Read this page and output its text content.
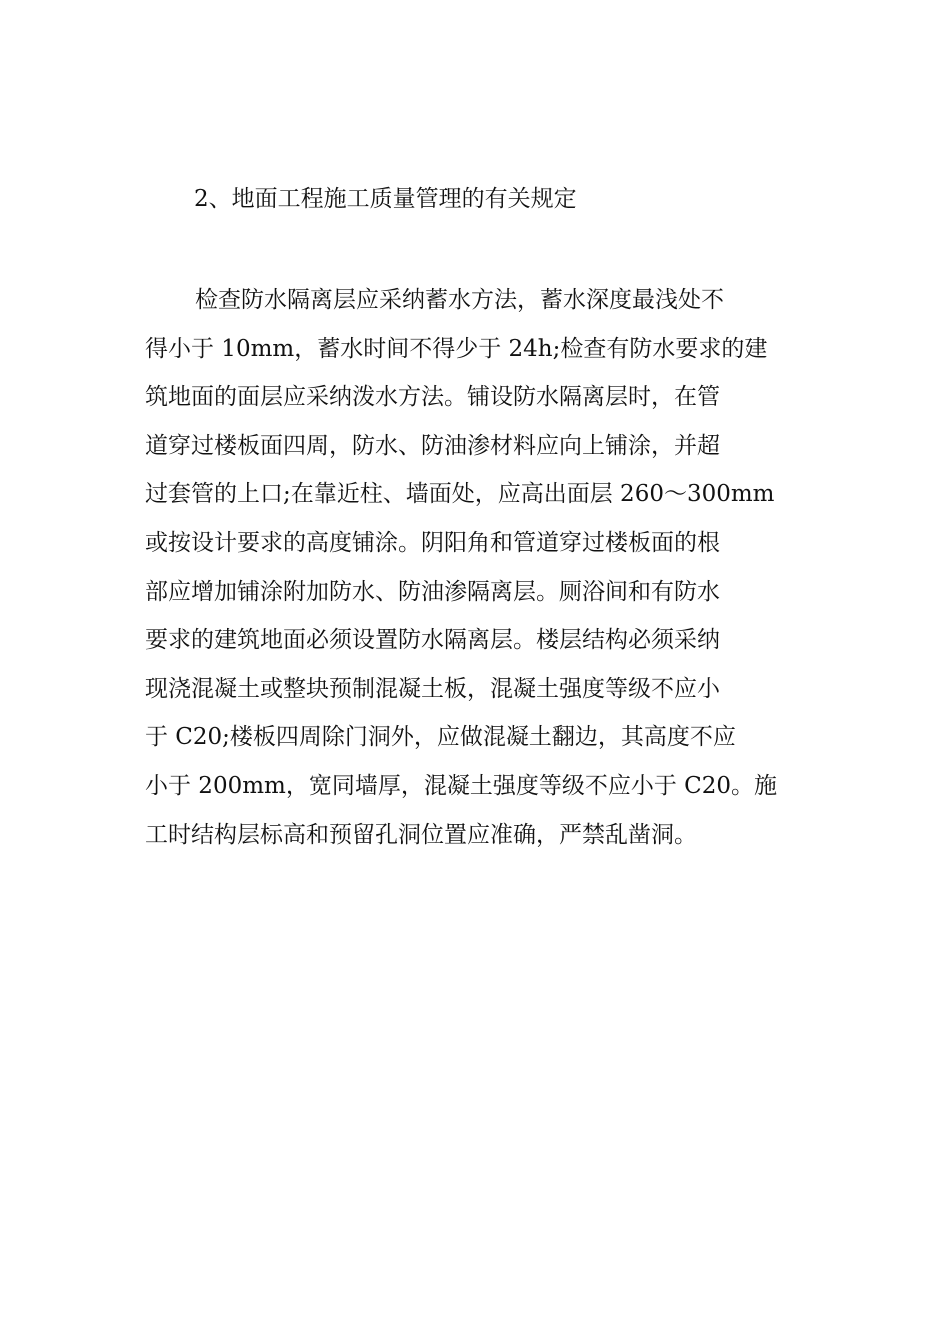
2、地面工程施工质量管理的有关规定
检查防水隔离层应采纳蓄水方法，蓄水深度最浅处不
得小于 10mm，蓄水时间不得少于 24h;检查有防水要求的建
筑地面的面层应采纳泼水方法。铺设防水隔离层时，在管
道穿过楼板面四周，防水、防油渗材料应向上铺涂，并超
过套管的上口;在靠近柱、墙面处，应高出面层 260～300mm
或按设计要求的高度铺涂。阴阳角和管道穿过楼板面的根
部应增加铺涂附加防水、防油渗隔离层。厕浴间和有防水
要求的建筑地面必须设置防水隔离层。楼层结构必须采纳
现浇混凝土或整块预制混凝土板，混凝土强度等级不应小
于 C20;楼板四周除门洞外，应做混凝土翻边，其高度不应
小于 200mm，宽同墙厚，混凝土强度等级不应小于 C20。施
工时结构层标高和预留孔洞位置应准确，严禁乱凿洞。
